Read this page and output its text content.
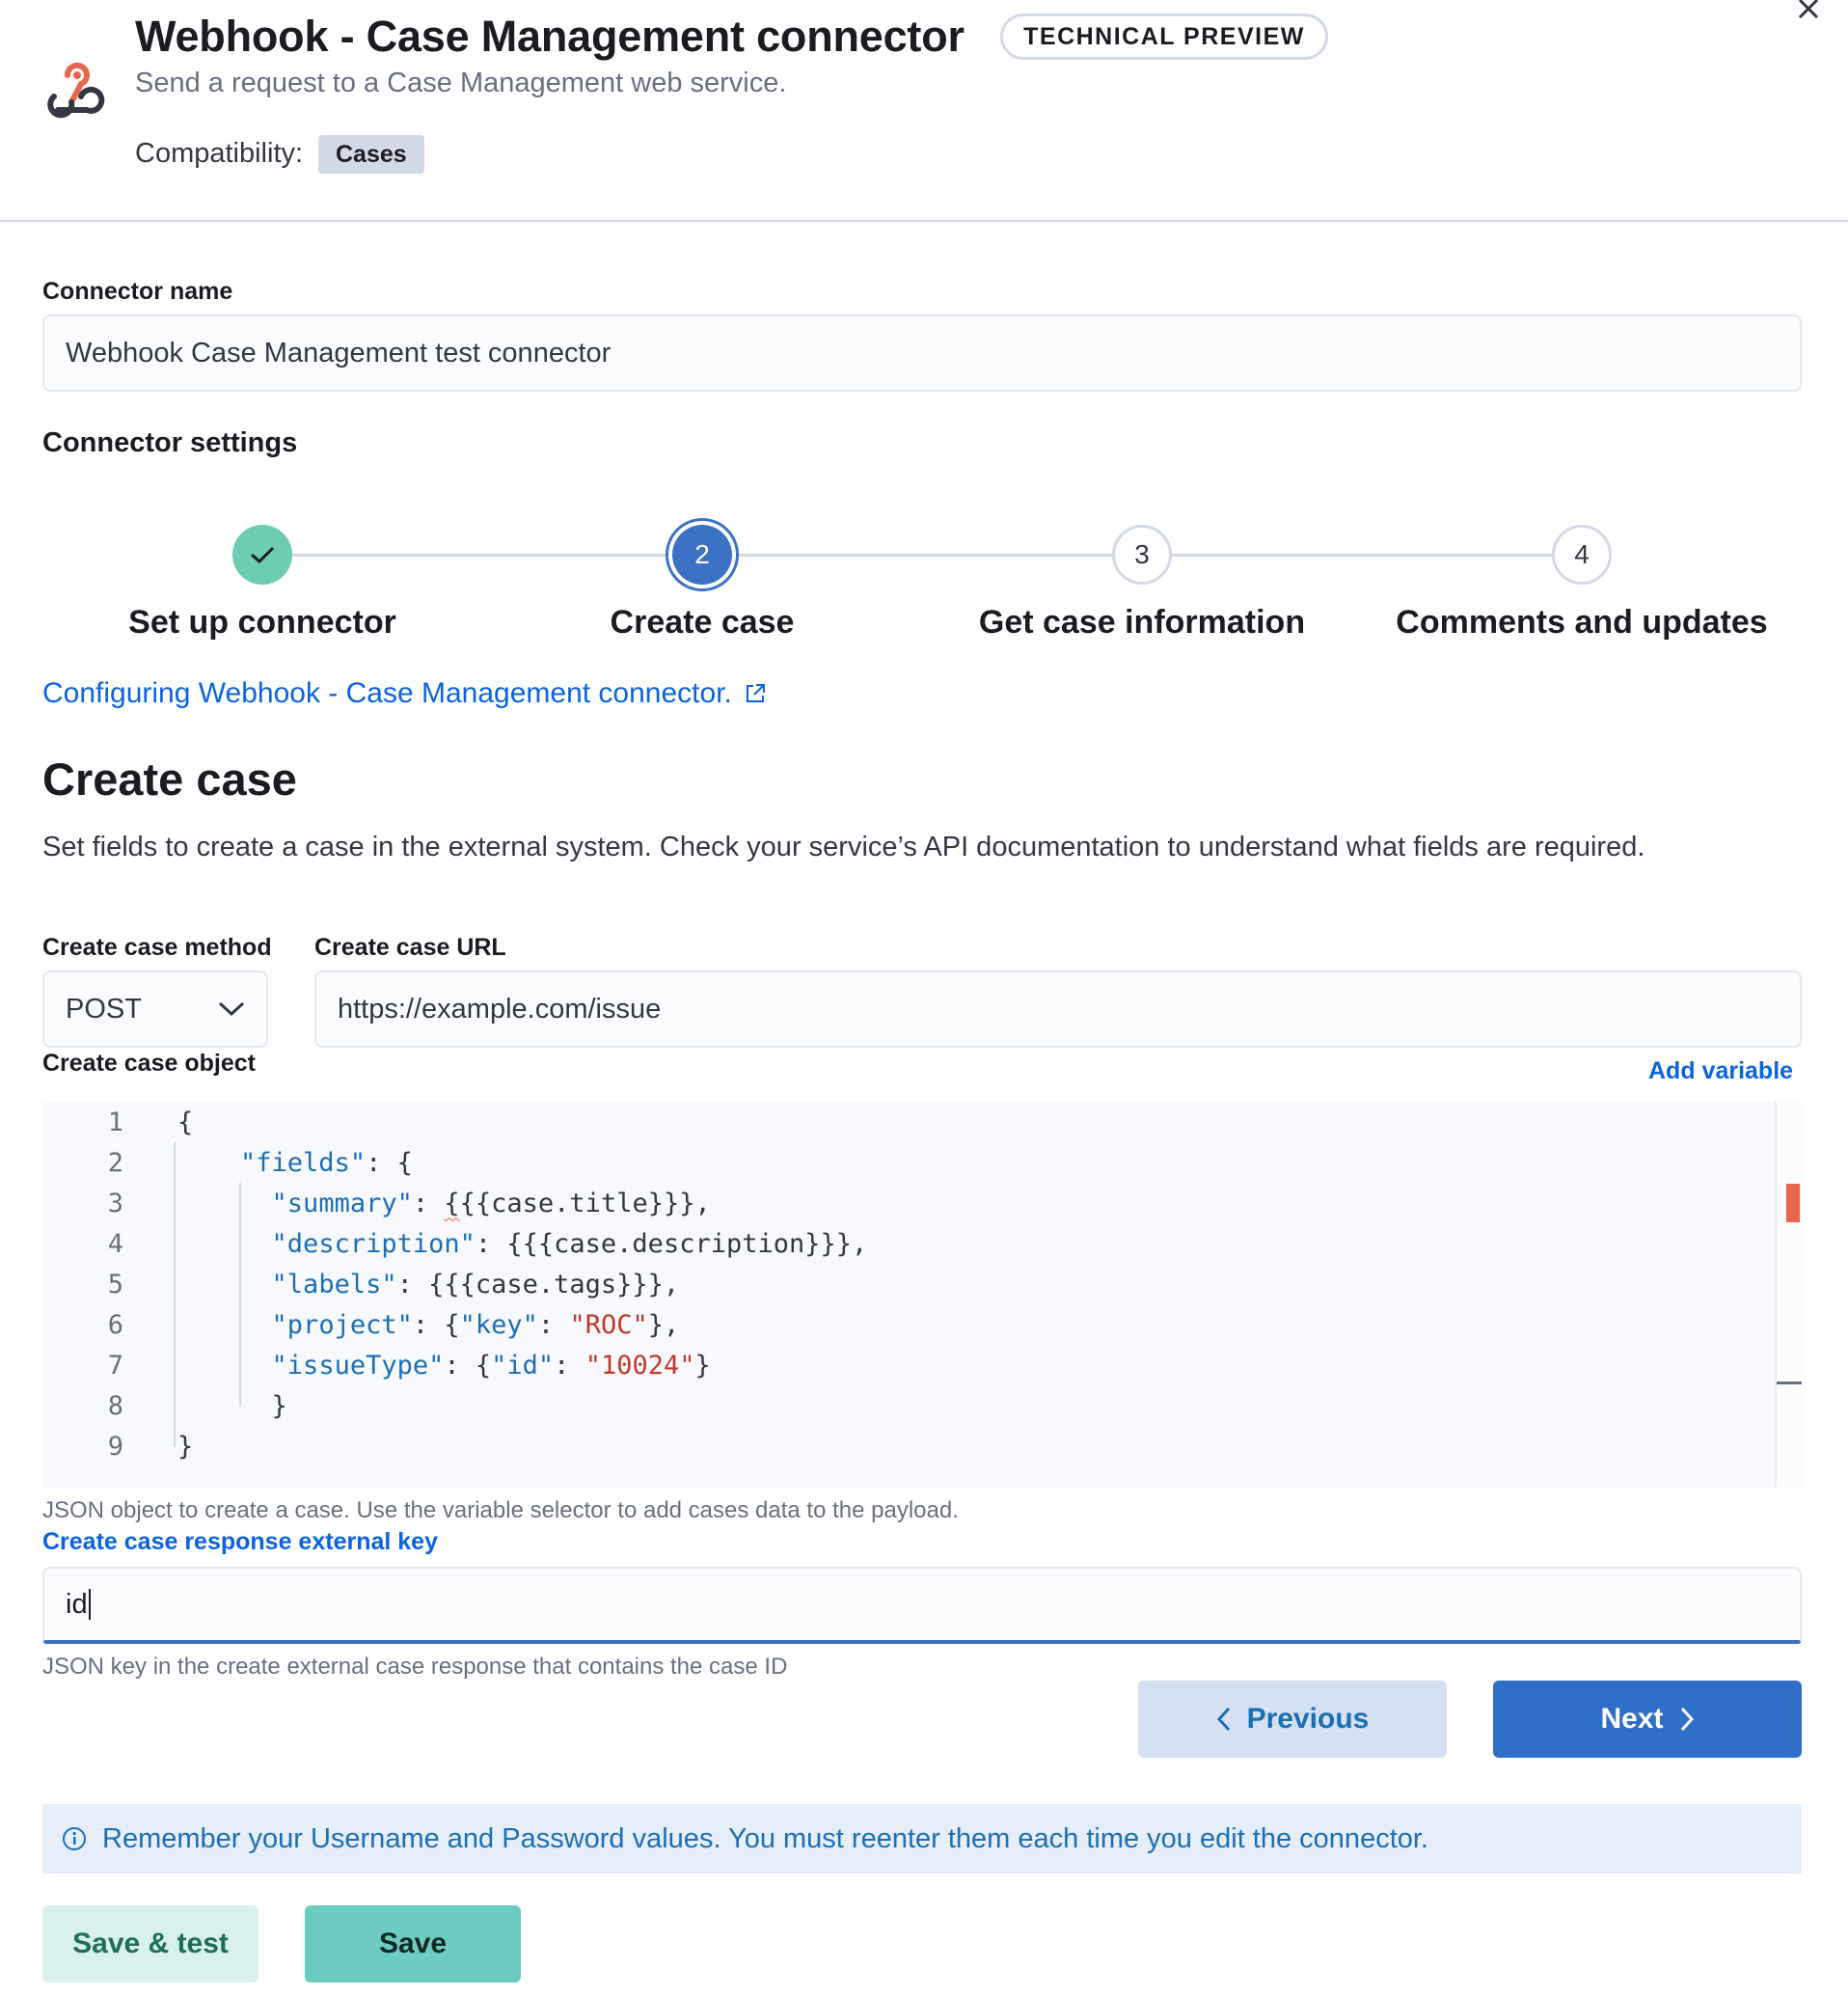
Webhook - Case Management connector	TECHNICAL PREVIEW
Send a request to a Case Management web service.
Compatibility:	Cases
Connector name
Webhook Case Management test connector
Connector settings
2	3	4
Set up connector	Create case	Get case information	Comments and updates
Configuring Webhook - Case Management connector.
Create case
Set fields to create a case in the external system. Check your service’s API documentation to understand what fields are required.
Create case method Create case URL
POST	https://example.com/issue
Create case object	Add variable
1 {
2	"fields": {
3	"summary": {{{case.title}}},
4	"description": {{{case.description}}},
5	"labels": {{{case.tags}}},
6	"project": {"key": "ROC"},
7	"issueType": {"id": "10024"}
8 }
9 }
JSON object to create a case. Use the variable selector to add cases data to the payload.
Create case response external key
id
JSON key in the create external case response that contains the case ID
Previous	Next
Remember your Username and Password values. You must reenter them each time you edit the connector.
Save & test	Save
